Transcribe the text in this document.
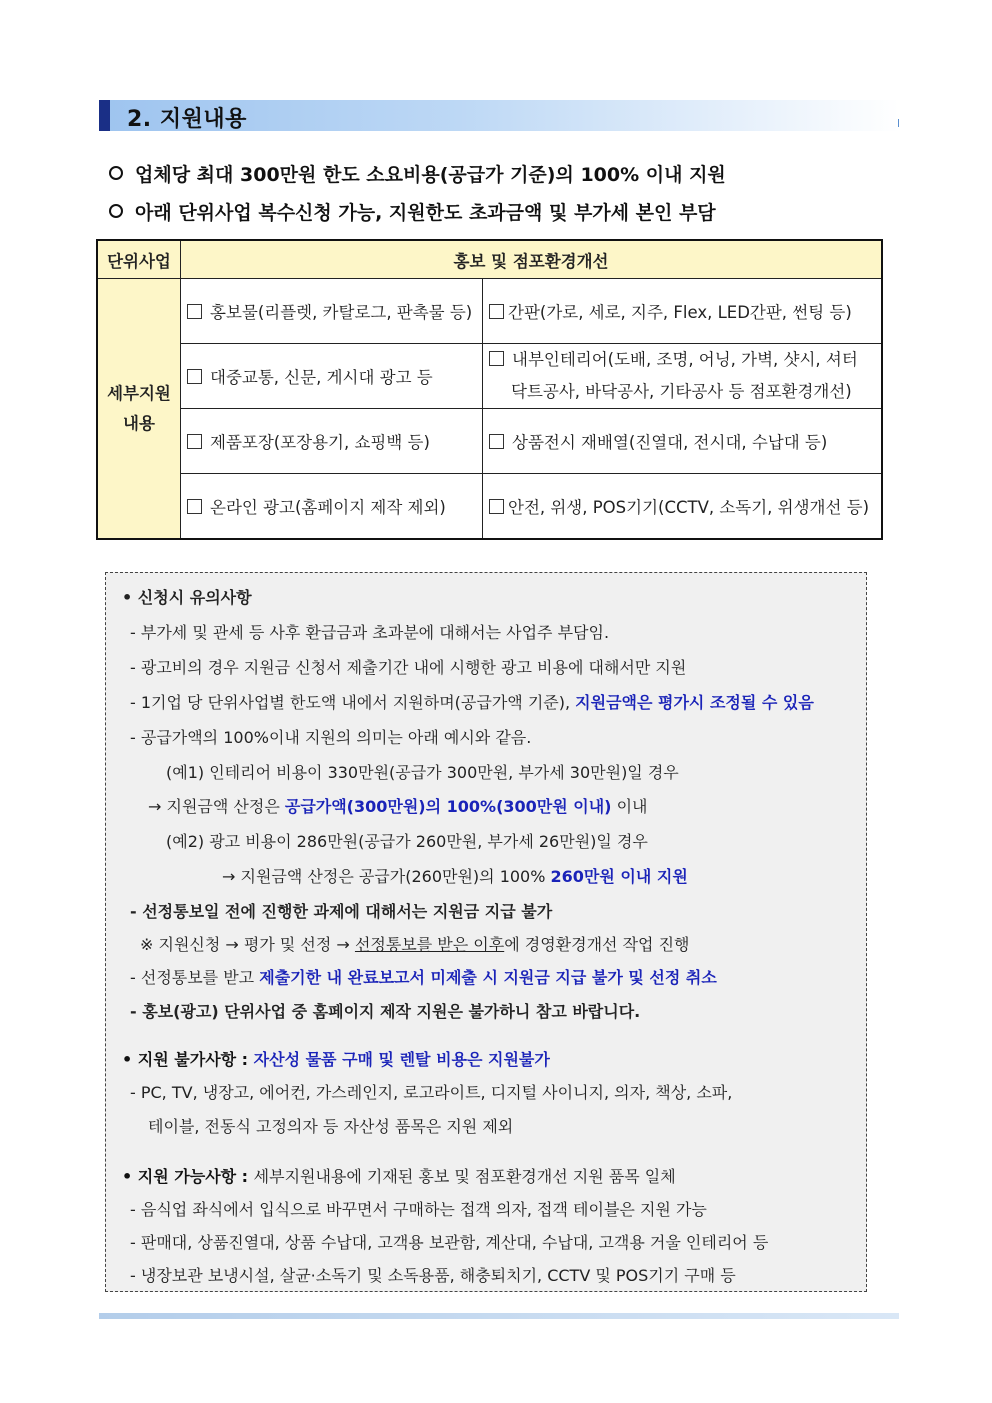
2. 지원내용
업체당 최대 300만원 한도 소요비용(공급가 기준)의 100% 이내 지원
아래 단위사업 복수신청 가능, 지원한도 초과금액 및 부가세 본인 부담
단위사업	홍보 및 점포환경개선	
세부지원
내용	홍보물(리플렛, 카탈로그, 판촉물 등)	간판(가로, 세로, 지주, Flex, LED간판, 썬팅 등)
	대중교통, 신문, 게시대 광고 등	내부인테리어(도배, 조명, 어닝, 가벽, 샷시, 셔터
닥트공사, 바닥공사, 기타공사 등 점포환경개선)

	제품포장(포장용기, 쇼핑백 등)	상품전시 재배열(진열대, 전시대, 수납대 등)
	온라인 광고(홈페이지 제작 제외)	안전, 위생, POS기기(CCTV, 소독기, 위생개선 등)
• 신청시 유의사항
- 부가세 및 관세 등 사후 환급금과 초과분에 대해서는 사업주 부담임.
- 광고비의 경우 지원금 신청서 제출기간 내에 시행한 광고 비용에 대해서만 지원
- 1기업 당 단위사업별 한도액 내에서 지원하며(공급가액 기준), 지원금액은 평가시 조정될 수 있음
- 공급가액의 100%이내 지원의 의미는 아래 예시와 같음.
(예1) 인테리어 비용이 330만원(공급가 300만원, 부가세 30만원)일 경우
→ 지원금액 산정은 공급가액(300만원)의 100%(300만원 이내) 이내
(예2) 광고 비용이 286만원(공급가 260만원, 부가세 26만원)일 경우
→ 지원금액 산정은 공급가(260만원)의 100% 260만원 이내 지원
- 선정통보일 전에 진행한 과제에 대해서는 지원금 지급 불가
※ 지원신청 → 평가 및 선정 → 선정통보를 받은 이후에 경영환경개선 작업 진행
- 선정통보를 받고 제출기한 내 완료보고서 미제출 시 지원금 지급 불가 및 선정 취소
- 홍보(광고) 단위사업 중 홈페이지 제작 지원은 불가하니 참고 바랍니다.
• 지원 불가사항 : 자산성 물품 구매 및 렌탈 비용은 지원불가
- PC, TV, 냉장고, 에어컨, 가스레인지, 로고라이트, 디지털 사이니지, 의자, 책상, 소파,
테이블, 전동식 고정의자 등 자산성 품목은 지원 제외
• 지원 가능사항 : 세부지원내용에 기재된 홍보 및 점포환경개선 지원 품목 일체
- 음식업 좌식에서 입식으로 바꾸면서 구매하는 접객 의자, 접객 테이블은 지원 가능
- 판매대, 상품진열대, 상품 수납대, 고객용 보관함, 계산대, 수납대, 고객용 거울 인테리어 등
- 냉장보관 보냉시설, 살균·소독기 및 소독용품, 해충퇴치기, CCTV 및 POS기기 구매 등
